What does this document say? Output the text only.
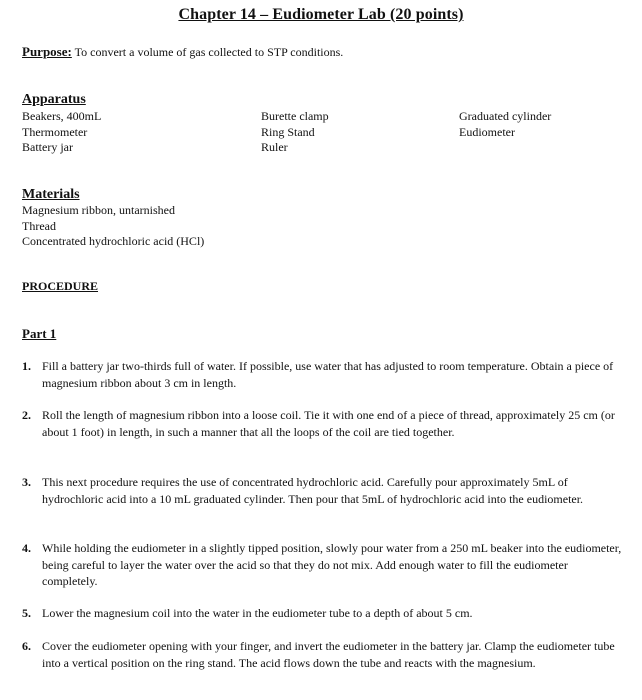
Chapter 14 – Eudiometer Lab (20 points)
Purpose: To convert a volume of gas collected to STP conditions.
Apparatus
Beakers, 400mL
Thermometer
Battery jar
Burette clamp
Ring Stand
Ruler
Graduated cylinder
Eudiometer
Materials
Magnesium ribbon, untarnished
Thread
Concentrated hydrochloric acid (HCl)
PROCEDURE
Part 1
1. Fill a battery jar two-thirds full of water. If possible, use water that has adjusted to room temperature. Obtain a piece of magnesium ribbon about 3 cm in length.
2. Roll the length of magnesium ribbon into a loose coil. Tie it with one end of a piece of thread, approximately 25 cm (or about 1 foot) in length, in such a manner that all the loops of the coil are tied together.
3. This next procedure requires the use of concentrated hydrochloric acid. Carefully pour approximately 5mL of hydrochloric acid into a 10 mL graduated cylinder. Then pour that 5mL of hydrochloric acid into the eudiometer.
4. While holding the eudiometer in a slightly tipped position, slowly pour water from a 250 mL beaker into the eudiometer, being careful to layer the water over the acid so that they do not mix. Add enough water to fill the eudiometer completely.
5. Lower the magnesium coil into the water in the eudiometer tube to a depth of about 5 cm.
6. Cover the eudiometer opening with your finger, and invert the eudiometer in the battery jar. Clamp the eudiometer tube into a vertical position on the ring stand. The acid flows down the tube and reacts with the magnesium.
